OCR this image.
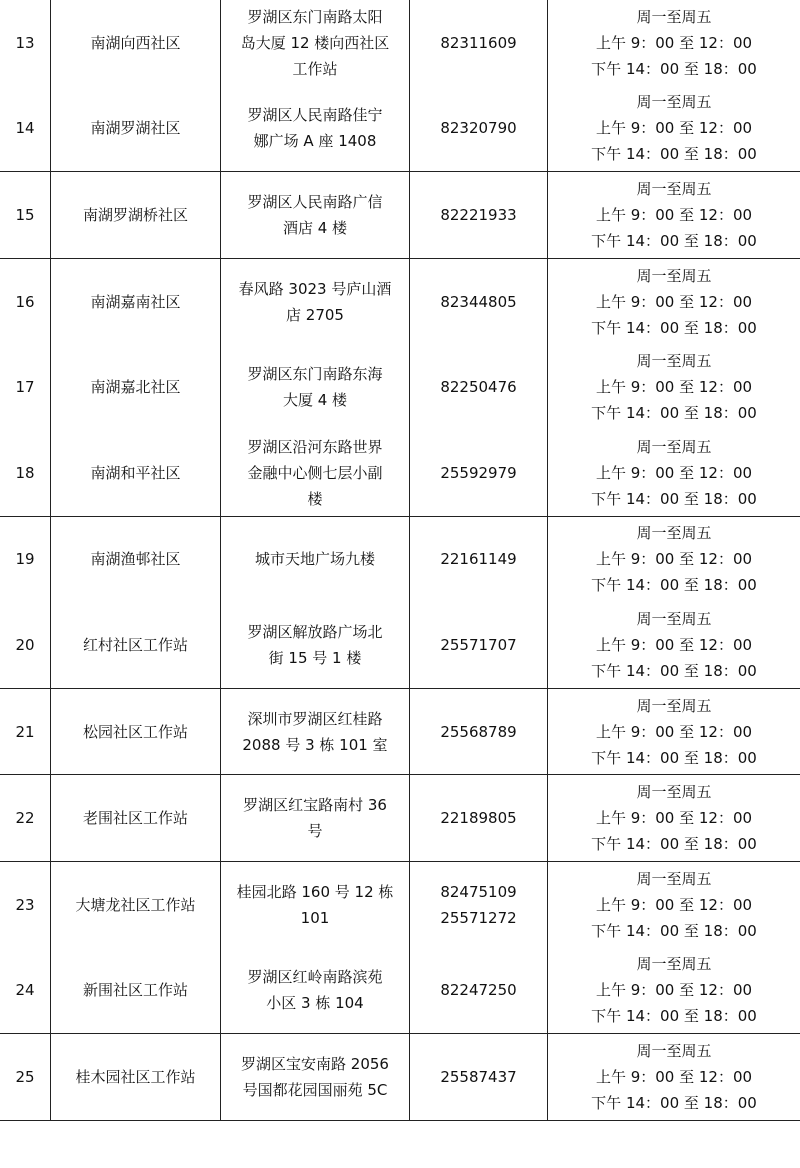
13	南湖向西社区	罗湖区东门南路太阳
岛大厦 12 楼向西社区
工作站	82311609	周一至周五
上午 9：00 至 12：00
下午 14：00 至 18：00

14	南湖罗湖社区	罗湖区人民南路佳宁
娜广场 A 座 1408	82320790	周一至周五
上午 9：00 至 12：00
下午 14：00 至 18：00

15	南湖罗湖桥社区	罗湖区人民南路广信
酒店 4 楼	82221933	周一至周五
上午 9：00 至 12：00
下午 14：00 至 18：00

16	南湖嘉南社区	春风路 3023 号庐山酒
店 2705	82344805	周一至周五
上午 9：00 至 12：00
下午 14：00 至 18：00

17	南湖嘉北社区	罗湖区东门南路东海
大厦 4 楼	82250476	周一至周五
上午 9：00 至 12：00
下午 14：00 至 18：00

18	南湖和平社区	罗湖区沿河东路世界
金融中心侧七层小副
楼	25592979	周一至周五
上午 9：00 至 12：00
下午 14：00 至 18：00

19	南湖渔邨社区	城市天地广场九楼	22161149	周一至周五
上午 9：00 至 12：00
下午 14：00 至 18：00

20	红村社区工作站	罗湖区解放路广场北
街 15 号 1 楼	25571707	周一至周五
上午 9：00 至 12：00
下午 14：00 至 18：00

21	松园社区工作站	深圳市罗湖区红桂路
2088 号 3 栋 101 室	25568789	周一至周五
上午 9：00 至 12：00
下午 14：00 至 18：00

22	老围社区工作站	罗湖区红宝路南村 36
号	22189805	周一至周五
上午 9：00 至 12：00
下午 14：00 至 18：00

23	大塘龙社区工作站	桂园北路 160 号 12 栋
101	82475109
25571272	周一至周五
上午 9：00 至 12：00
下午 14：00 至 18：00

24	新围社区工作站	罗湖区红岭南路滨苑
小区 3 栋 104	82247250	周一至周五
上午 9：00 至 12：00
下午 14：00 至 18：00

25	桂木园社区工作站	罗湖区宝安南路 2056
号国都花园国丽苑 5C	25587437	周一至周五
上午 9：00 至 12：00
下午 14：00 至 18：00
